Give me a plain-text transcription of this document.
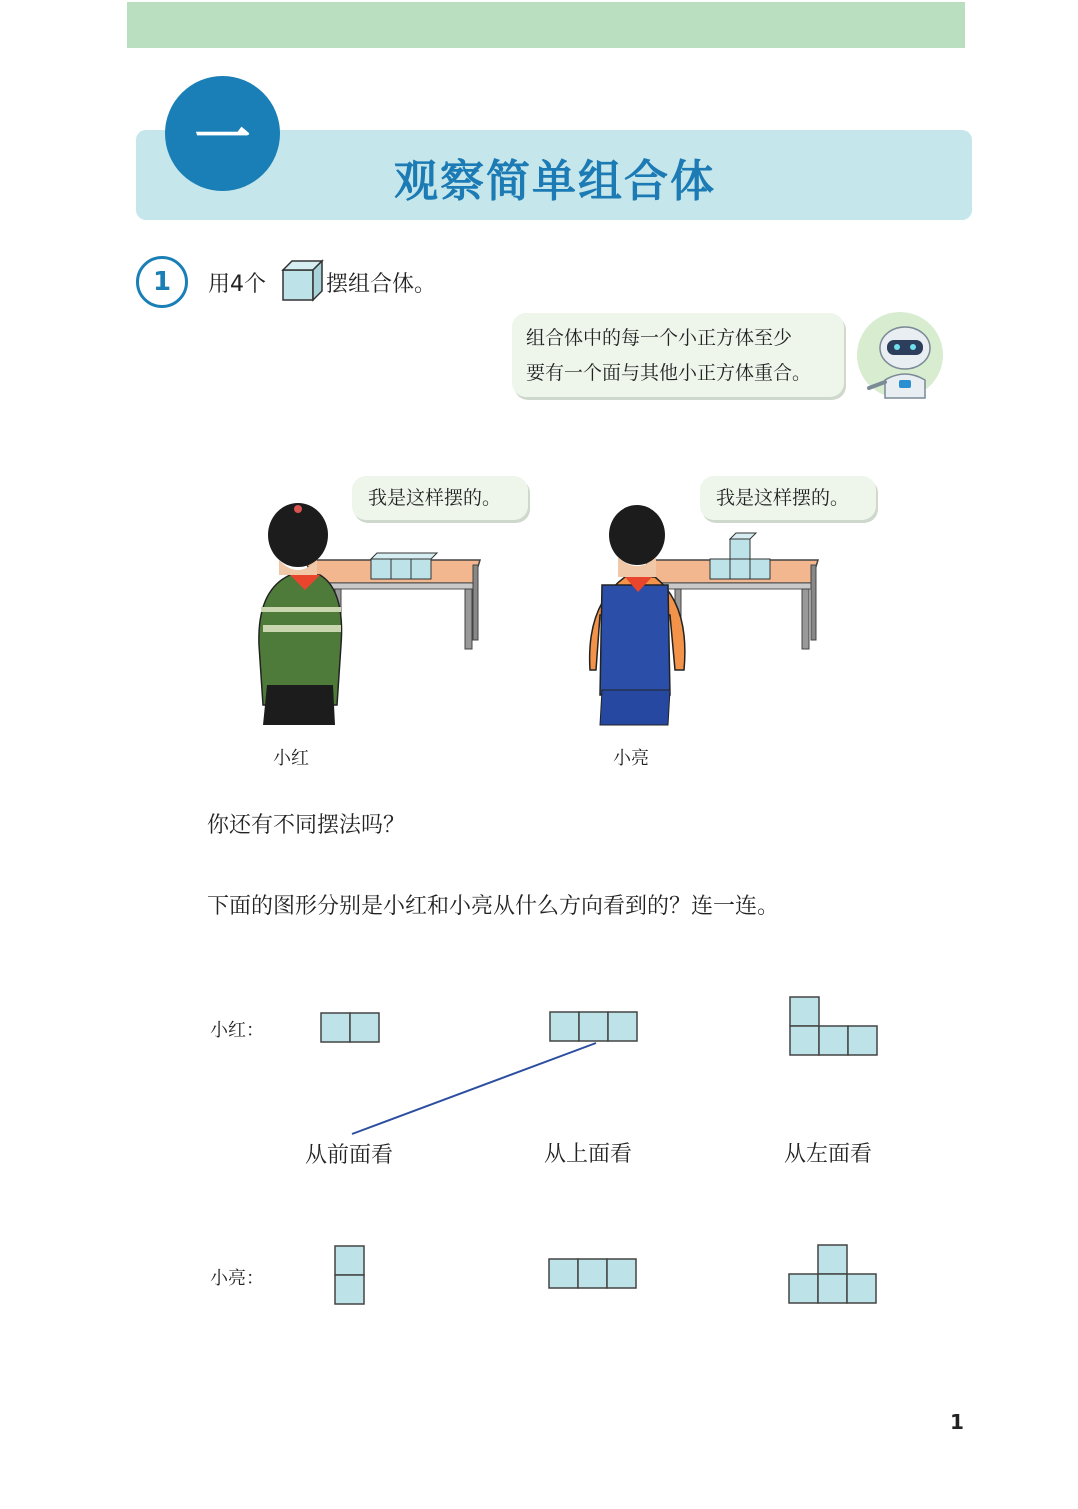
一
观察简单组合体
1	用4个	摆组合体。
组合体中的每一个小正方体至少
要有一个面与其他小正方体重合。
我是这样摆的。
小红
我是这样摆的。
小亮
你还有不同摆法吗？
下面的图形分别是小红和小亮从什么方向看到的？连一连。
小红：
小亮：
从前面看	从上面看	从左面看
1
